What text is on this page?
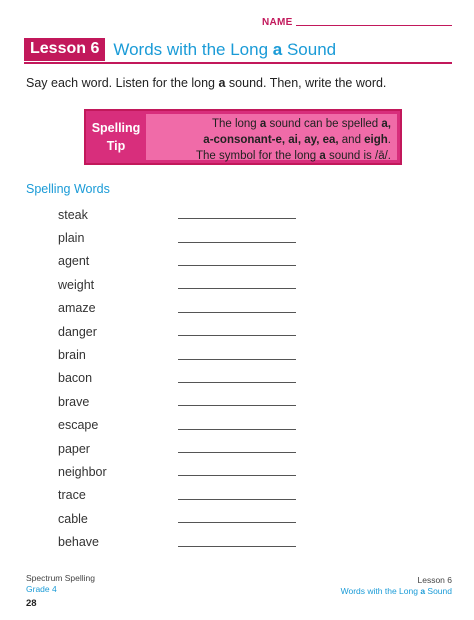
NAME
Lesson 6 Words with the Long a Sound
Say each word. Listen for the long a sound. Then, write the word.
Spelling
Tip
The long a sound can be spelled a,
a-consonant-e, ai, ay, ea, and eigh.
The symbol for the long a sound is /ā/.
Spelling Words
steak
plain
agent
weight
amaze
danger
brain
bacon
brave
escape
paper
neighbor
trace
cable
behave
Spectrum Spelling
Grade 4
28
Lesson 6
Words with the Long a Sound
